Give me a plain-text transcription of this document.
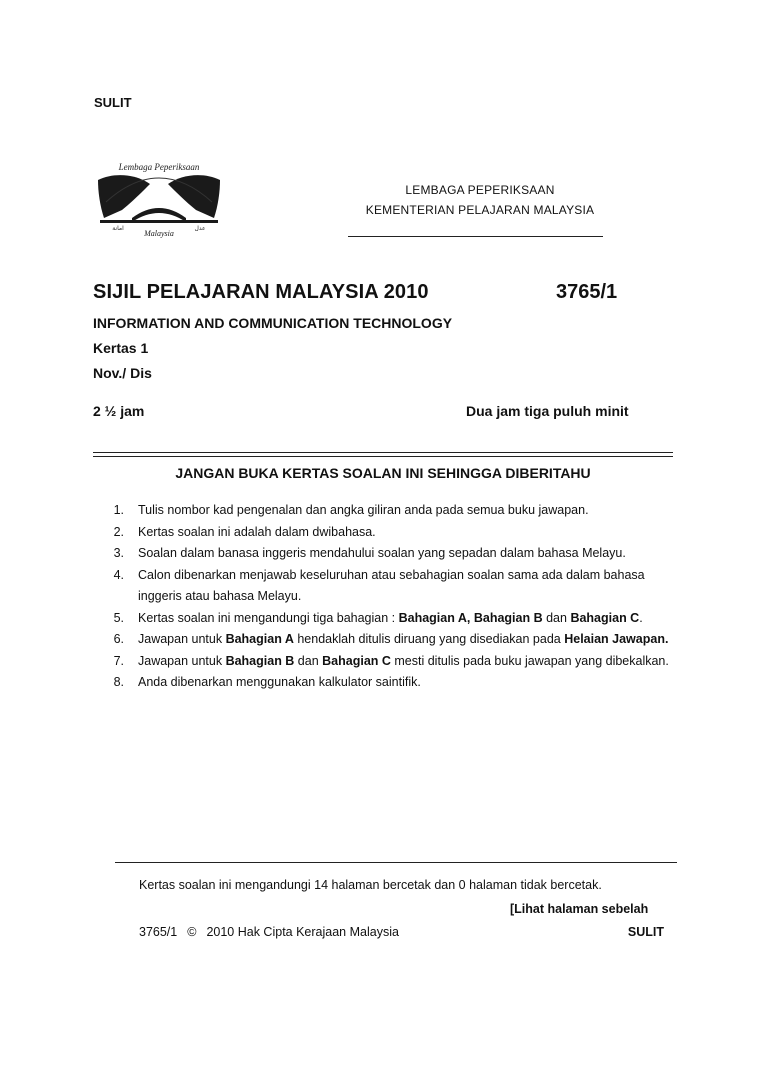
SULIT
Lembaga Peperiksaan
Malaysia
امانة	عدل
LEMBAGA PEPERIKSAAN
KEMENTERIAN PELAJARAN MALAYSIA
SIJIL PELAJARAN MALAYSIA 2010	3765/1
INFORMATION AND COMMUNICATION TECHNOLOGY
Kertas 1
Nov./ Dis
2 ½ jam	Dua jam tiga puluh minit
JANGAN BUKA KERTAS SOALAN INI SEHINGGA DIBERITAHU
1. Tulis nombor kad pengenalan dan angka giliran anda pada semua buku jawapan.
2. Kertas soalan ini adalah dalam dwibahasa.
3. Soalan dalam banasa inggeris mendahului soalan yang sepadan dalam bahasa Melayu.
4. Calon dibenarkan menjawab keseluruhan atau sebahagian soalan sama ada dalam bahasa inggeris atau bahasa Melayu.
5. Kertas soalan ini mengandungi tiga bahagian : Bahagian A, Bahagian B dan Bahagian C.
6. Jawapan untuk Bahagian A hendaklah ditulis diruang yang disediakan pada Helaian Jawapan.
7. Jawapan untuk Bahagian B dan Bahagian C mesti ditulis pada buku jawapan yang dibekalkan.
8. Anda dibenarkan menggunakan kalkulator saintifik.
Kertas soalan ini mengandungi 14 halaman bercetak dan 0 halaman tidak bercetak.
[Lihat halaman sebelah
3765/1 © 2010 Hak Cipta Kerajaan Malaysia	SULIT
